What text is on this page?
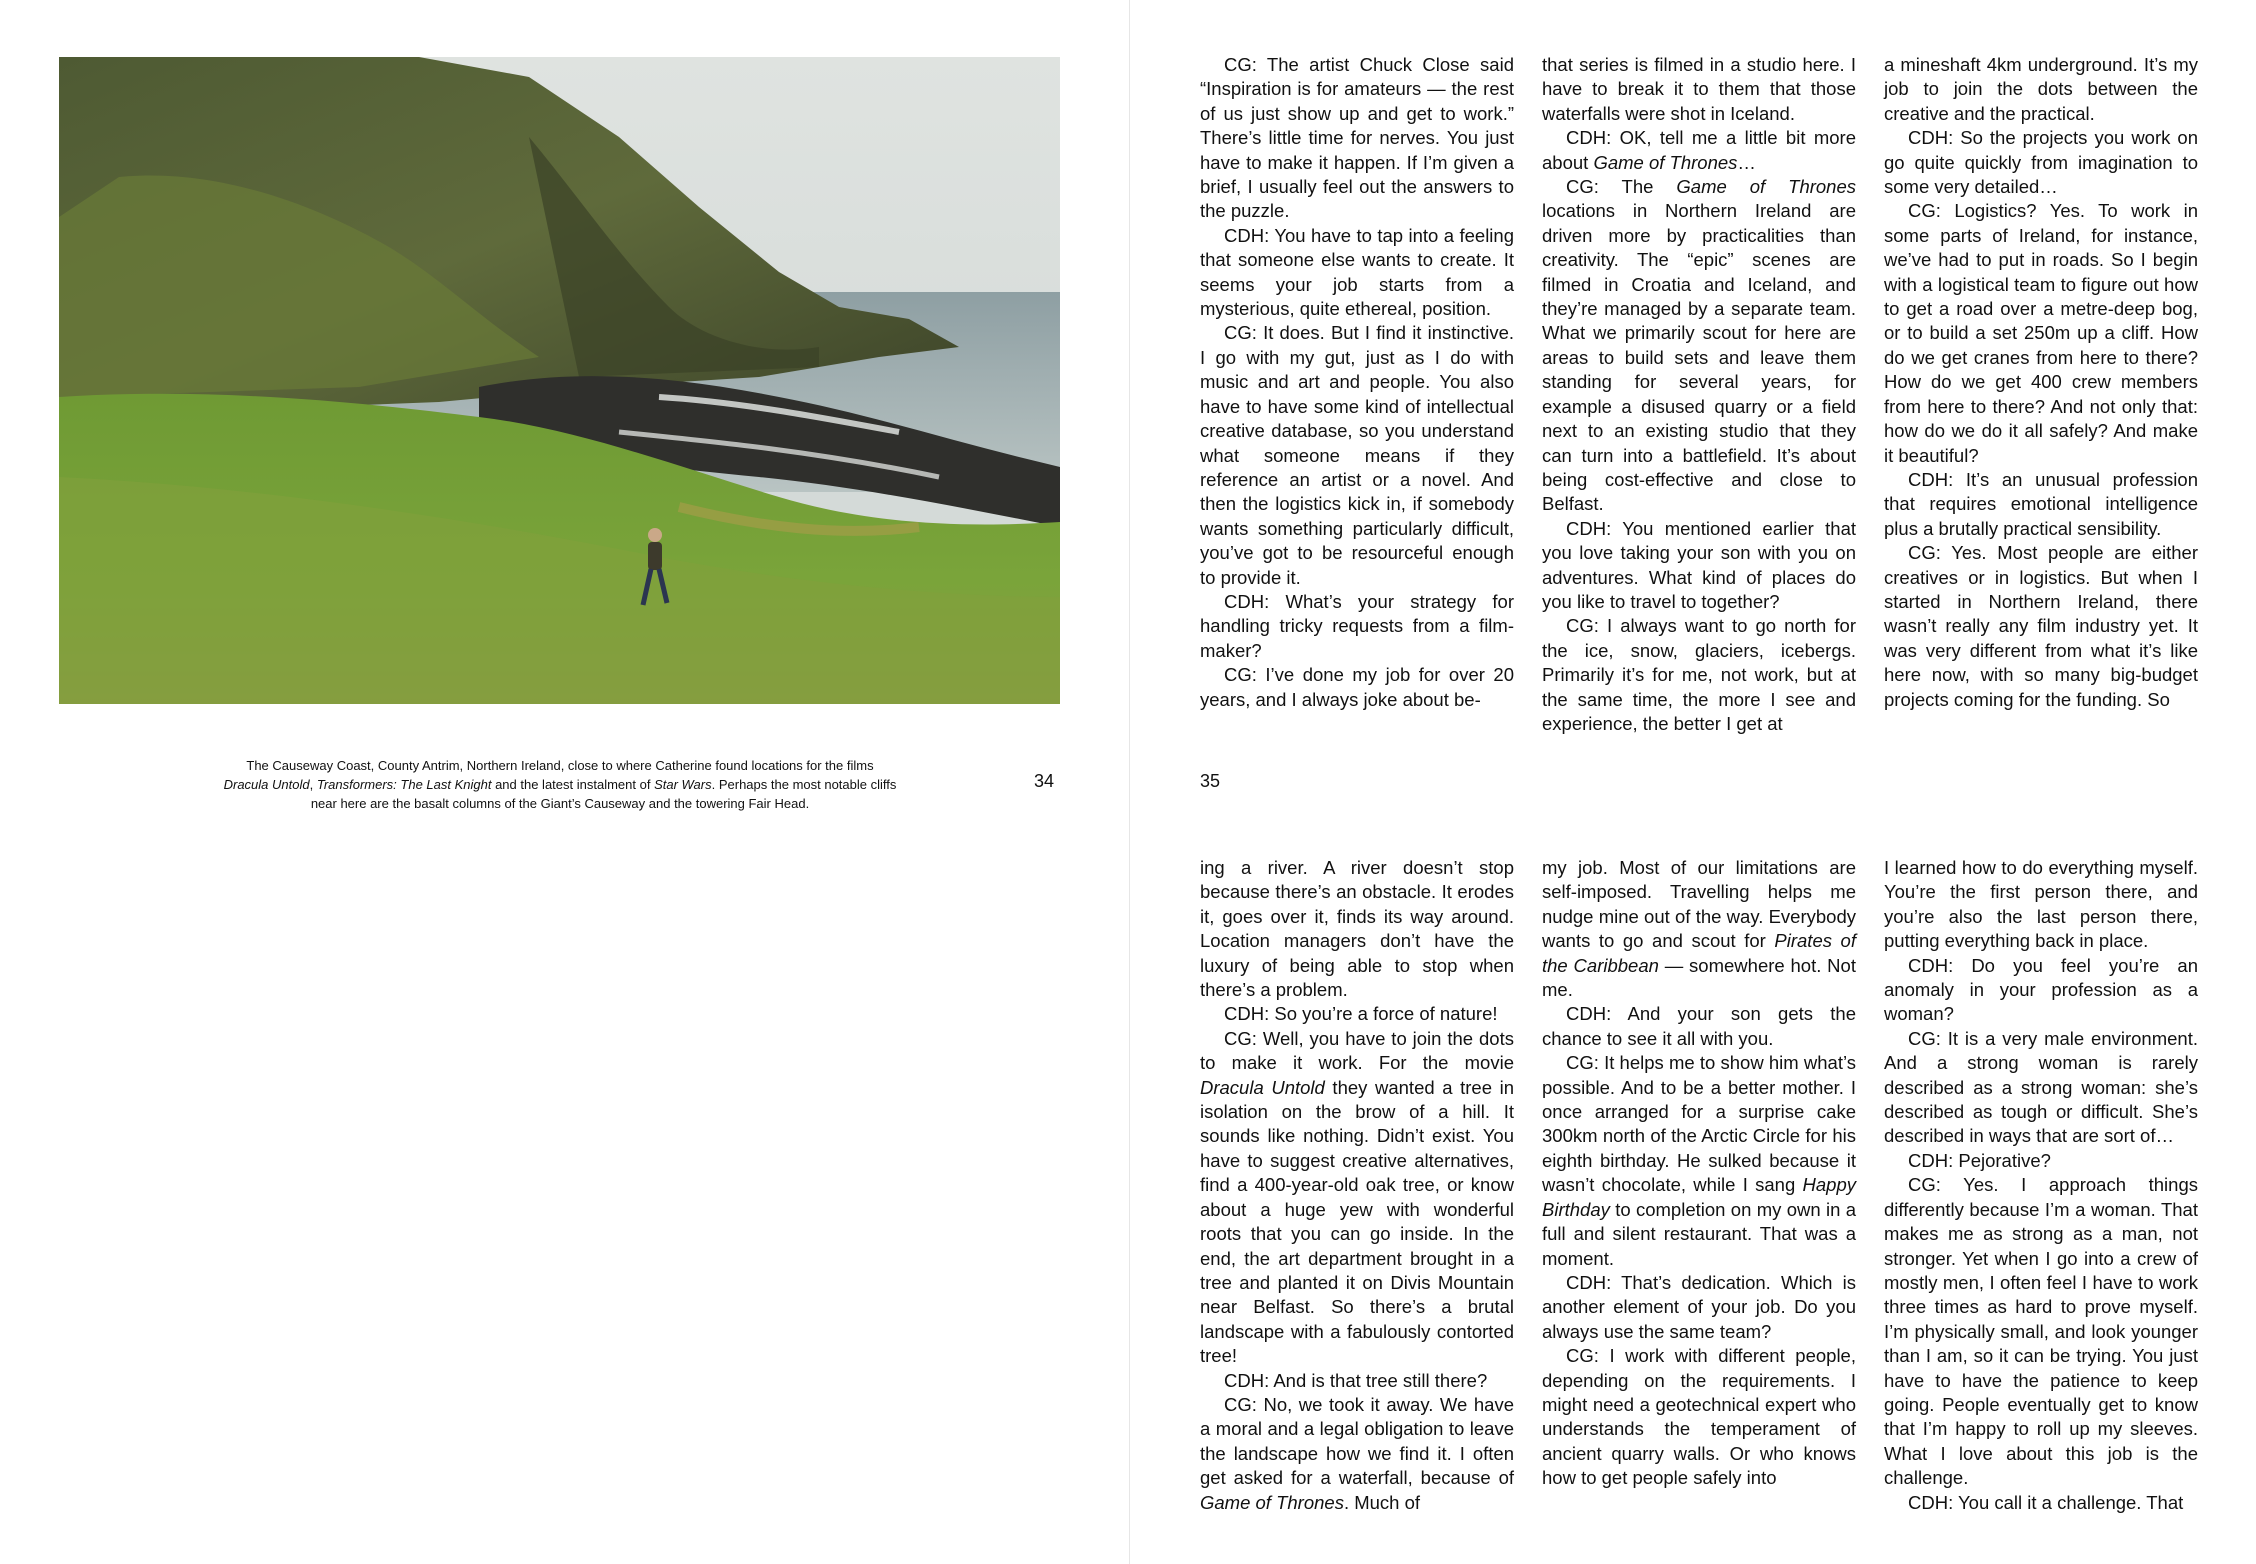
The Causeway Coast, County Antrim, Northern Ireland, close to where Catherine found locations for the films
Dracula Untold, Transformers: The Last Knight and the latest instalment of Star Wars. Perhaps the most notable cliffs
near here are the basalt columns of the Giant’s Causeway and the towering Fair Head.
34	35

CG: The artist Chuck Close said “Inspiration is for amateurs — the rest of us just show up and get to work.” There’s little time for nerves. You just have to make it happen. If I’m given a brief, I usually feel out the answers to the puzzle.

CDH: You have to tap into a feeling that someone else wants to create. It seems your job starts from a mysterious, quite ethereal, position.

CG: It does. But I find it instinctive. I go with my gut, just as I do with music and art and people. You also have to have some kind of intellectual creative database, so you understand what someone means if they reference an artist or a novel. And then the logistics kick in, if somebody wants something particularly difficult, you’ve got to be resourceful enough to provide it.

CDH: What’s your strategy for handling tricky requests from a film-maker?

CG: I’ve done my job for over 20 years, and I always joke about be-

that series is filmed in a studio here. I have to break it to them that those waterfalls were shot in Iceland.

CDH: OK, tell me a little bit more about Game of Thrones…

CG: The Game of Thrones locations in Northern Ireland are driven more by practicalities than creativity. The “epic” scenes are filmed in Croatia and Iceland, and they’re managed by a separate team. What we primarily scout for here are areas to build sets and leave them standing for several years, for example a disused quarry or a field next to an existing studio that they can turn into a battlefield. It’s about being cost-effective and close to Belfast.

CDH: You mentioned earlier that you love taking your son with you on adventures. What kind of places do you like to travel to together?

CG: I always want to go north for the ice, snow, glaciers, icebergs. Primarily it’s for me, not work, but at the same time, the more I see and experience, the better I get at

a mineshaft 4km underground. It’s my job to join the dots between the creative and the practical.

CDH: So the projects you work on go quite quickly from imagination to some very detailed…

CG: Logistics? Yes. To work in some parts of Ireland, for instance, we’ve had to put in roads. So I begin with a logistical team to figure out how to get a road over a metre-deep bog, or to build a set 250m up a cliff. How do we get cranes from here to there? How do we get 400 crew members from here to there? And not only that: how do we do it all safely? And make it beautiful?

CDH: It’s an unusual profession that requires emotional intelligence plus a brutally practical sensibility.

CG: Yes. Most people are either creatives or in logistics. But when I started in Northern Ireland, there wasn’t really any film industry yet. It was very different from what it’s like here now, with so many big-budget projects coming for the funding. So

ing a river. A river doesn’t stop because there’s an obstacle. It erodes it, goes over it, finds its way around. Location managers don’t have the luxury of being able to stop when there’s a problem.

CDH: So you’re a force of nature!

CG: Well, you have to join the dots to make it work. For the movie Dracula Untold they wanted a tree in isolation on the brow of a hill. It sounds like nothing. Didn’t exist. You have to suggest creative alternatives, find a 400-year-old oak tree, or know about a huge yew with wonderful roots that you can go inside. In the end, the art department brought in a tree and planted it on Divis Mountain near Belfast. So there’s a brutal landscape with a fabulously contorted tree!

CDH: And is that tree still there?

CG: No, we took it away. We have a moral and a legal obligation to leave the landscape how we find it. I often get asked for a waterfall, because of Game of Thrones. Much of

my job. Most of our limitations are self-imposed. Travelling helps me nudge mine out of the way. Everybody wants to go and scout for Pirates of the Caribbean — somewhere hot. Not me.

CDH: And your son gets the chance to see it all with you.

CG: It helps me to show him what’s possible. And to be a better mother. I once arranged for a surprise cake 300km north of the Arctic Circle for his eighth birthday. He sulked because it wasn’t chocolate, while I sang Happy Birthday to completion on my own in a full and silent restaurant. That was a moment.

CDH: That’s dedication. Which is another element of your job. Do you always use the same team?

CG: I work with different people, depending on the requirements. I might need a geotechnical expert who understands the temperament of ancient quarry walls. Or who knows how to get people safely into

I learned how to do everything myself. You’re the first person there, and you’re also the last person there, putting everything back in place.

CDH: Do you feel you’re an anomaly in your profession as a woman?

CG: It is a very male environment. And a strong woman is rarely described as a strong woman: she’s described as tough or difficult. She’s described in ways that are sort of…

CDH: Pejorative?

CG: Yes. I approach things differently because I’m a woman. That makes me as strong as a man, not stronger. Yet when I go into a crew of mostly men, I often feel I have to work three times as hard to prove myself. I’m physically small, and look younger than I am, so it can be trying. You just have to have the patience to keep going. People eventually get to know that I’m happy to roll up my sleeves. What I love about this job is the challenge.

CDH: You call it a challenge. That
